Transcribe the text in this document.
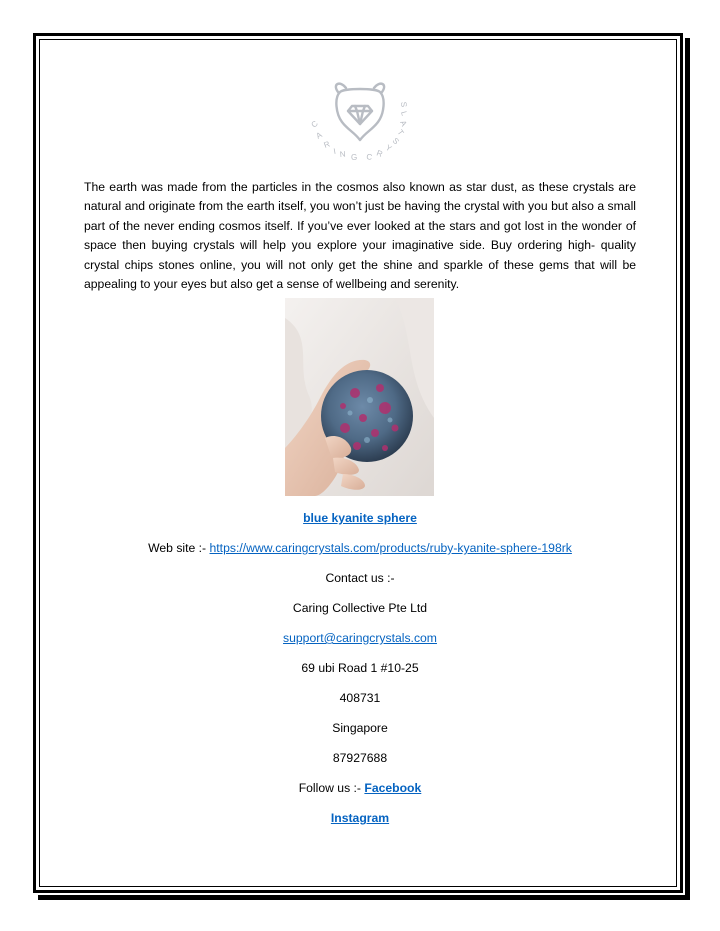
C
A
R
I N G C R
Y
S
T
A
L
S

The earth was made from the particles in the cosmos also known as star dust, as these crystals are natural and originate from the earth itself, you won’t just be having the crystal with you but also a small part of the never ending cosmos itself. If you’ve ever looked at the stars and got lost in the wonder of space then buying crystals will help you explore your imaginative side. Buy ordering high- quality crystal chips stones online, you will not only get the shine and sparkle of these gems that will be appealing to your eyes but also get a sense of wellbeing and serenity.

blue kyanite sphere
Web site :- https://www.caringcrystals.com/products/ruby-kyanite-sphere-198rk
Contact us :-
Caring Collective Pte Ltd
support@caringcrystals.com
69 ubi Road 1 #10-25
408731
Singapore
87927688
Follow us :- Facebook
Instagram
